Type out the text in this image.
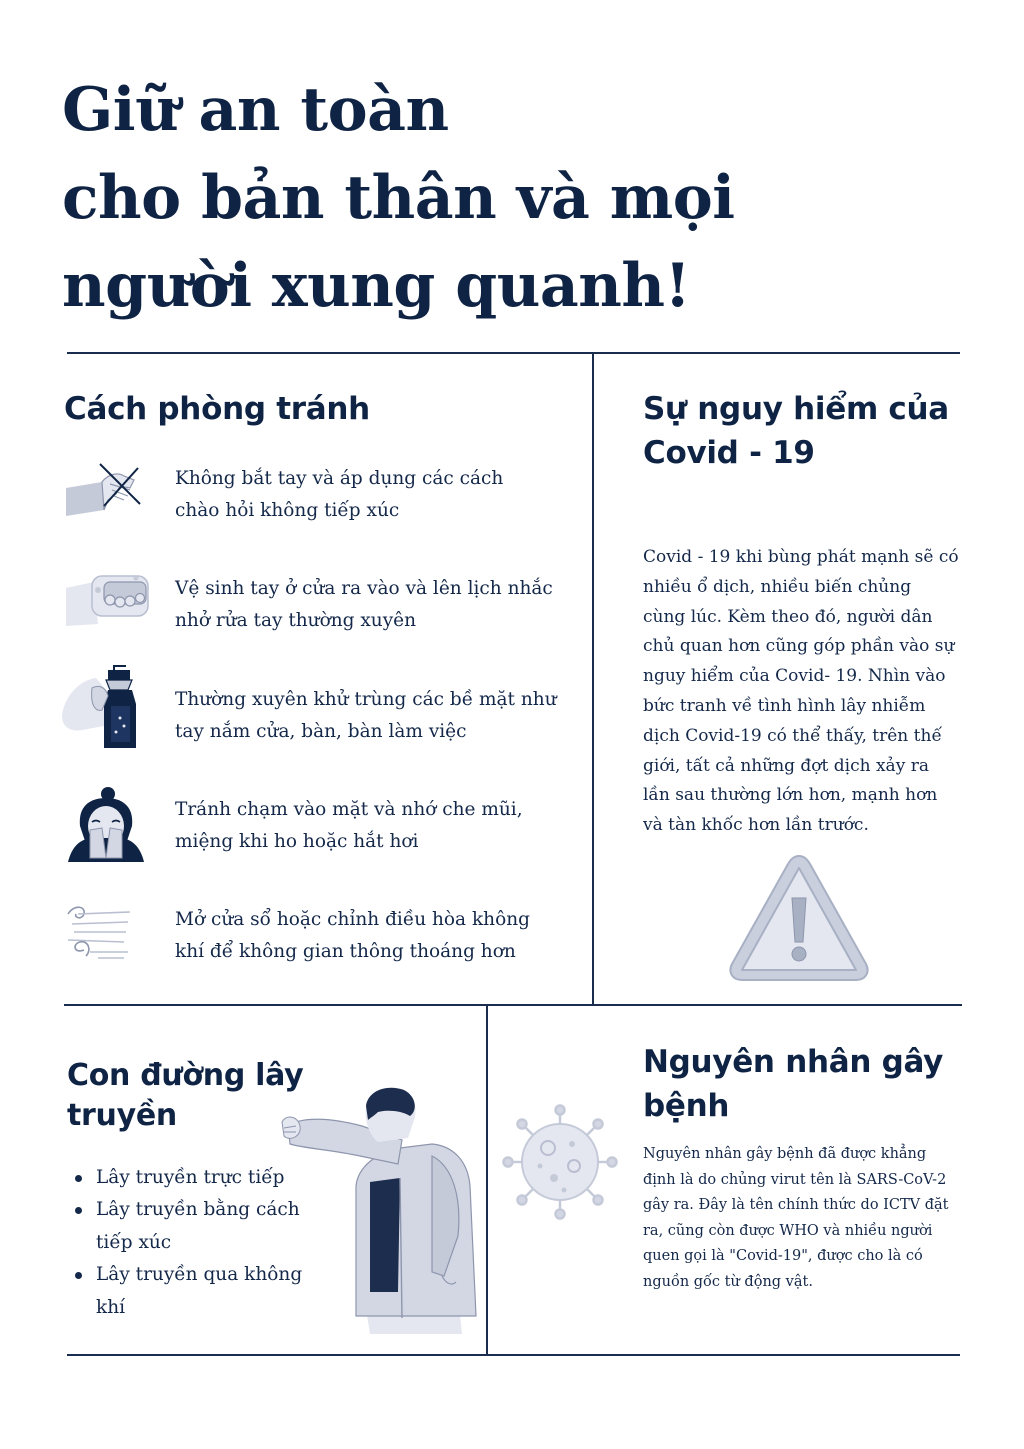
Giữ an toàn
cho bản thân và mọi
người xung quanh!
Cách phòng tránh
Không bắt tay và áp dụng các cách
chào hỏi không tiếp xúc
Vệ sinh tay ở cửa ra vào và lên lịch nhắc
nhở rửa tay thường xuyên
Thường xuyên khử trùng các bề mặt như
tay nắm cửa, bàn, bàn làm việc
Tránh chạm vào mặt và nhớ che mũi,
miệng khi ho hoặc hắt hơi
Mở cửa sổ hoặc chỉnh điều hòa không
khí để không gian thông thoáng hơn
Sự nguy hiểm của
Covid - 19
Covid - 19 khi bùng phát mạnh sẽ có
nhiều ổ dịch, nhiều biến chủng
cùng lúc. Kèm theo đó, người dân
chủ quan hơn cũng góp phần vào sự
nguy hiểm của Covid- 19. Nhìn vào
bức tranh về tình hình lây nhiễm
dịch Covid-19 có thể thấy, trên thế
giới, tất cả những đợt dịch xảy ra
lần sau thường lớn hơn, mạnh hơn
và tàn khốc hơn lần trước.
Con đường lây
truyền
Lây truyền trực tiếp
Lây truyền bằng cách
tiếp xúc
Lây truyền qua không
khí
Nguyên nhân gây
bệnh
Nguyên nhân gây bệnh đã được khẳng
định là do chủng virut tên là SARS-CoV-2
gây ra. Đây là tên chính thức do ICTV đặt
ra, cũng còn được WHO và nhiều người
quen gọi là "Covid-19", được cho là có
nguồn gốc từ động vật.
